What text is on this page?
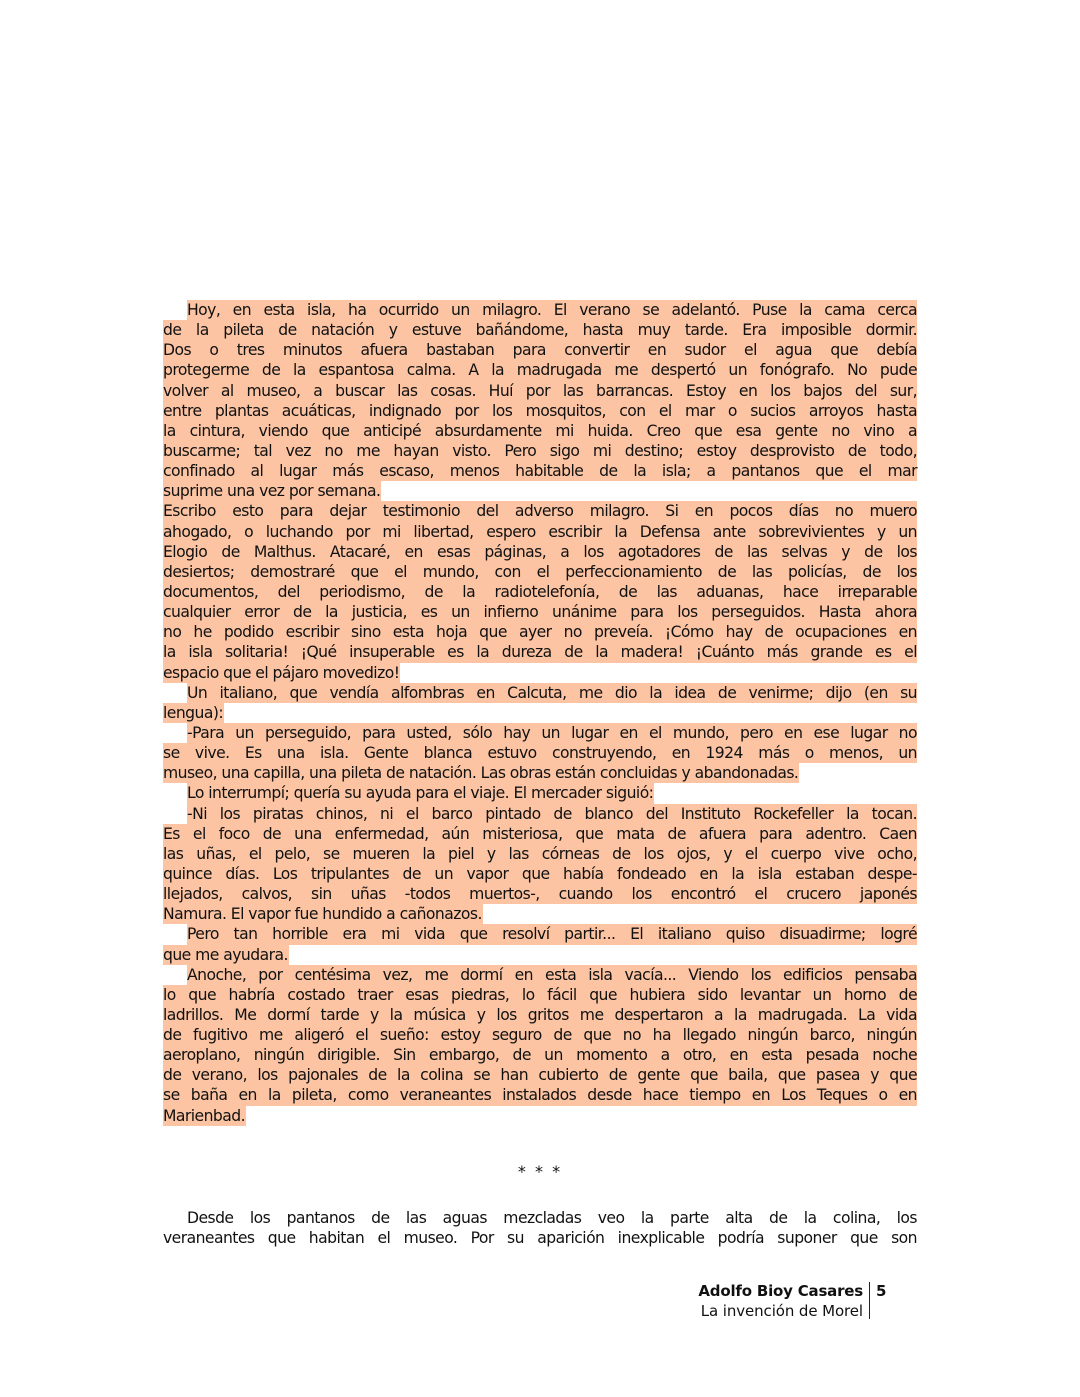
Hoy, en esta isla, ha ocurrido un milagro. El verano se adelantó. Puse la cama cerca
de la pileta de natación y estuve bañándome, hasta muy tarde. Era imposible dormir.
Dos o tres minutos afuera bastaban para convertir en sudor el agua que debía
protegerme de la espantosa calma. A la madrugada me despertó un fonógrafo. No pude
volver al museo, a buscar las cosas. Huí por las barrancas. Estoy en los bajos del sur,
entre plantas acuáticas, indignado por los mosquitos, con el mar o sucios arroyos hasta
la cintura, viendo que anticipé absurdamente mi huida. Creo que esa gente no vino a
buscarme; tal vez no me hayan visto. Pero sigo mi destino; estoy desprovisto de todo,
confinado al lugar más escaso, menos habitable de la isla; a pantanos que el mar
suprime una vez por semana.
Escribo esto para dejar testimonio del adverso milagro. Si en pocos días no muero
ahogado, o luchando por mi libertad, espero escribir la Defensa ante sobrevivientes y un
Elogio de Malthus. Atacaré, en esas páginas, a los agotadores de las selvas y de los
desiertos; demostraré que el mundo, con el perfeccionamiento de las policías, de los
documentos, del periodismo, de la radiotelefonía, de las aduanas, hace irreparable
cualquier error de la justicia, es un infierno unánime para los perseguidos. Hasta ahora
no he podido escribir sino esta hoja que ayer no preveía. ¡Cómo hay de ocupaciones en
la isla solitaria! ¡Qué insuperable es la dureza de la madera! ¡Cuánto más grande es el
espacio que el pájaro movedizo!
Un italiano, que vendía alfombras en Calcuta, me dio la idea de venirme; dijo (en su
lengua):
-Para un perseguido, para usted, sólo hay un lugar en el mundo, pero en ese lugar no
se vive. Es una isla. Gente blanca estuvo construyendo, en 1924 más o menos, un
museo, una capilla, una pileta de natación. Las obras están concluidas y abandonadas.
Lo interrumpí; quería su ayuda para el viaje. El mercader siguió:
-Ni los piratas chinos, ni el barco pintado de blanco del Instituto Rockefeller la tocan.
Es el foco de una enfermedad, aún misteriosa, que mata de afuera para adentro. Caen
las uñas, el pelo, se mueren la piel y las córneas de los ojos, y el cuerpo vive ocho,
quince días. Los tripulantes de un vapor que había fondeado en la isla estaban despe-
llejados, calvos, sin uñas -todos muertos-, cuando los encontró el crucero japonés
Namura. El vapor fue hundido a cañonazos.
Pero tan horrible era mi vida que resolví partir... El italiano quiso disuadirme; logré
que me ayudara.
Anoche, por centésima vez, me dormí en esta isla vacía... Viendo los edificios pensaba
lo que habría costado traer esas piedras, lo fácil que hubiera sido levantar un horno de
ladrillos. Me dormí tarde y la música y los gritos me despertaron a la madrugada. La vida
de fugitivo me aligeró el sueño: estoy seguro de que no ha llegado ningún barco, ningún
aeroplano, ningún dirigible. Sin embargo, de un momento a otro, en esta pesada noche
de verano, los pajonales de la colina se han cubierto de gente que baila, que pasea y que
se baña en la pileta, como veraneantes instalados desde hace tiempo en Los Teques o en
Marienbad.
* * *
Desde los pantanos de las aguas mezcladas veo la parte alta de la colina, los
veraneantes que habitan el museo. Por su aparición inexplicable podría suponer que son
Adolfo Bioy Casares
La invención de Morel
5
